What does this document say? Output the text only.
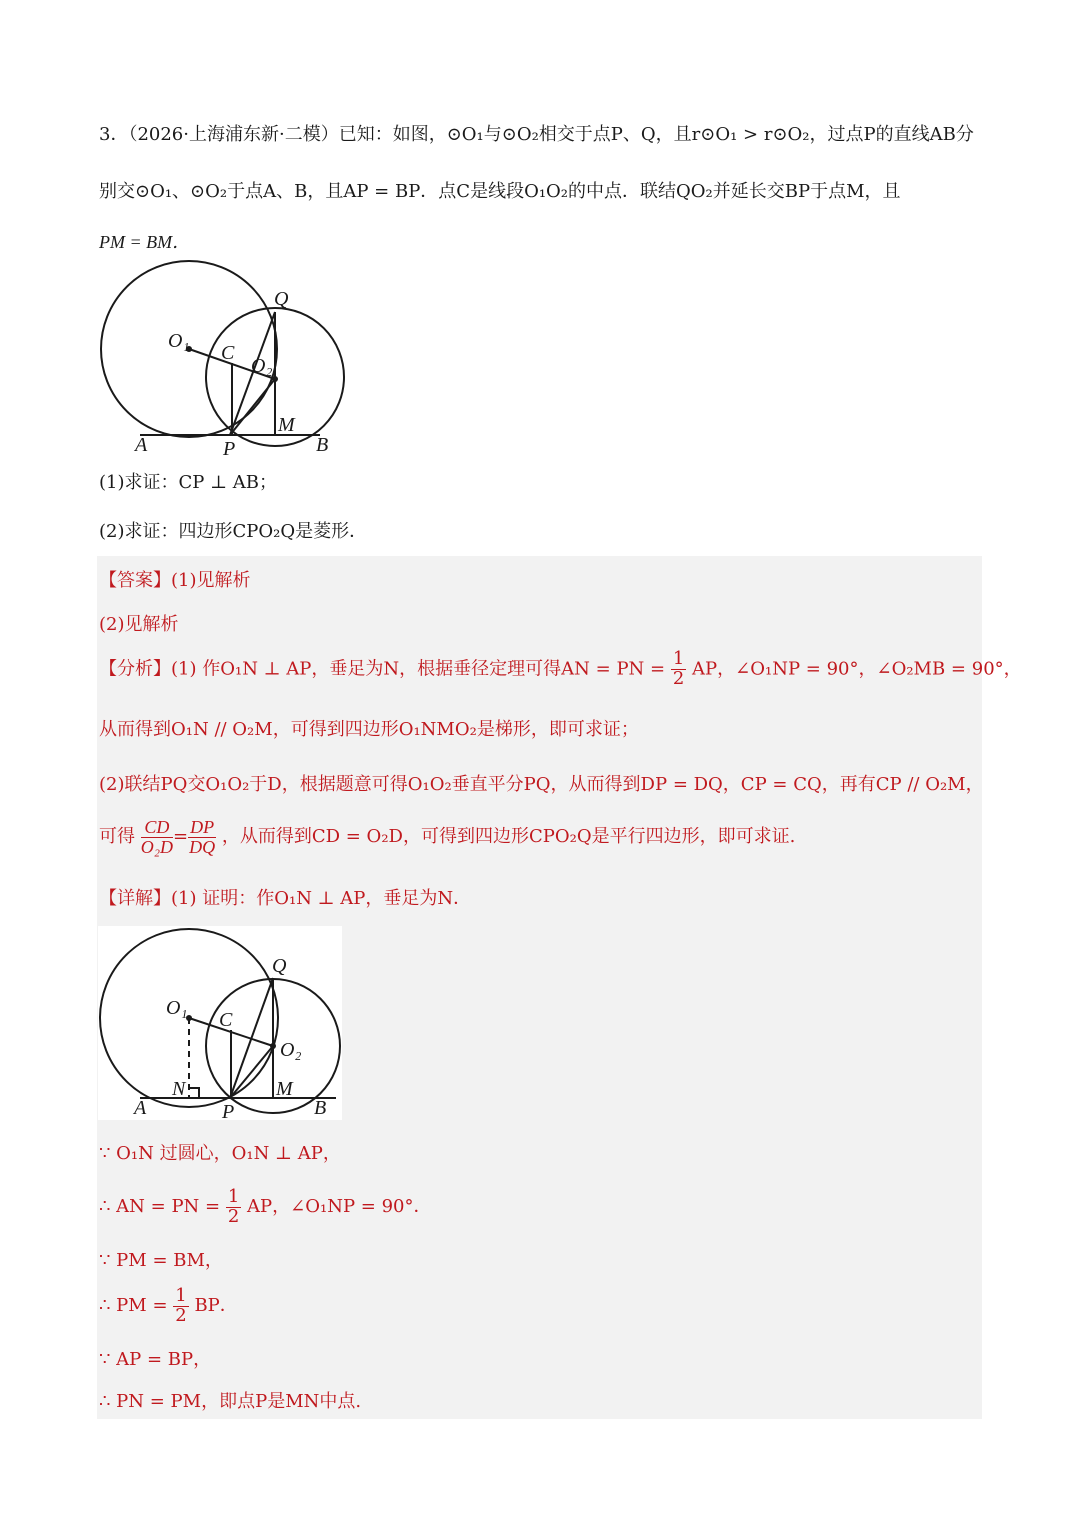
3．（2026·上海浦东新·二模）已知：如图，⊙O₁与⊙O₂相交于点P、Q，且r⊙O₁ > r⊙O₂，过点P的直线AB分
别交⊙O₁、⊙O₂于点A、B，且AP = BP．点C是线段O₁O₂的中点．联结QO₂并延长交BP于点M，且
PM = BM．
Q
O₁
C
O₂
M
A	P	B
(1)求证：CP ⊥ AB；
(2)求证：四边形CPO₂Q是菱形．
【答案】(1)见解析
(2)见解析
【分析】(1) 作O₁N ⊥ AP，垂足为N，根据垂径定理可得AN = PN = $\frac{1}{2}$ AP，∠O₁NP = 90°，∠O₂MB = 90°，
从而得到O₁N // O₂M，可得到四边形O₁NMO₂是梯形，即可求证；
(2)联结PQ交O₁O₂于D，根据题意可得O₁O₂垂直平分PQ，从而得到DP = DQ，CP = CQ，再有CP // O₂M，
可得 $\frac{CD}{\text{O₂D}} = \frac{DP}{DQ}$ ，从而得到CD = O₂D，可得到四边形CPO₂Q是平行四边形，即可求证.
【详解】(1) 证明：作O₁N ⊥ AP，垂足为N．
Q
O₁
C
O₂
N	M
A	P	B
∵ O₁N 过圆心，O₁N ⊥ AP，
∴ AN = PN = $\frac{1}{2}$ AP，∠O₁NP = 90°．
∵ PM = BM，
∴ PM = $\frac{1}{2}$ BP．
∵ AP = BP，
∴ PN = PM，即点P是MN中点.
